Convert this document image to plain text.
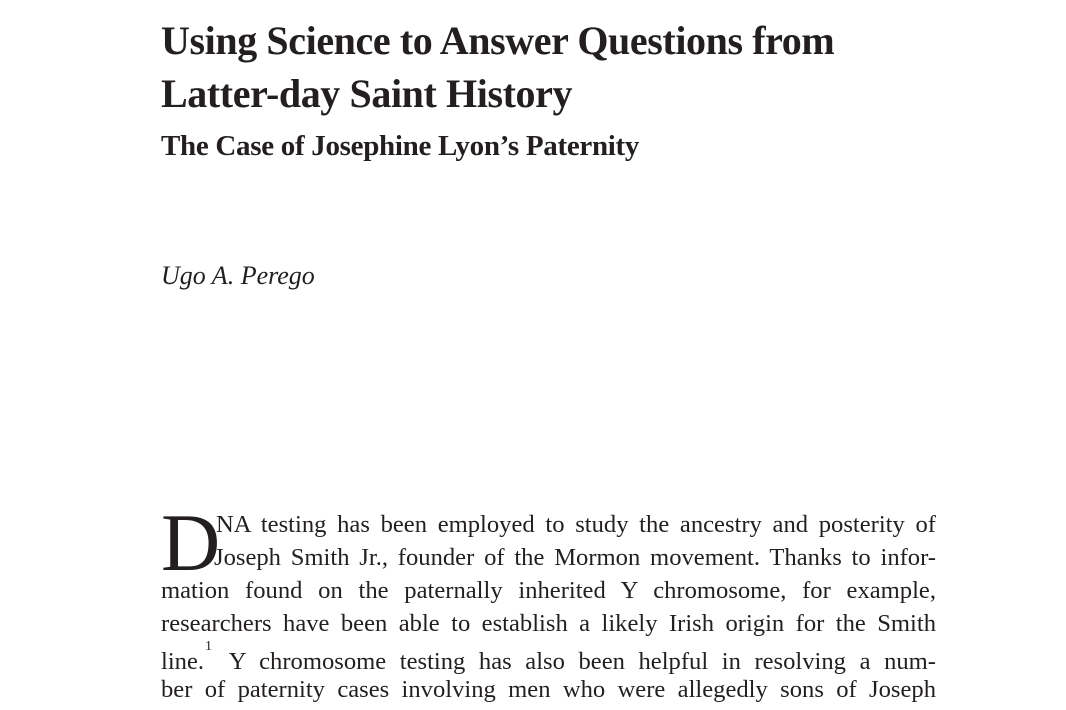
Using Science to Answer Questions from
Latter-day Saint History
The Case of Josephine Lyon’s Paternity

Ugo A. Perego

D
NA testing has been employed to study the ancestry and posterity of
Joseph Smith Jr., founder of the Mormon movement. Thanks to infor-
mation found on the paternally inherited Y chromosome, for example,
researchers have been able to establish a likely Irish origin for the Smith
line.$^1$ Y chromosome testing has also been helpful in resolving a num-
ber of paternity cases involving men who were allegedly sons of Joseph
